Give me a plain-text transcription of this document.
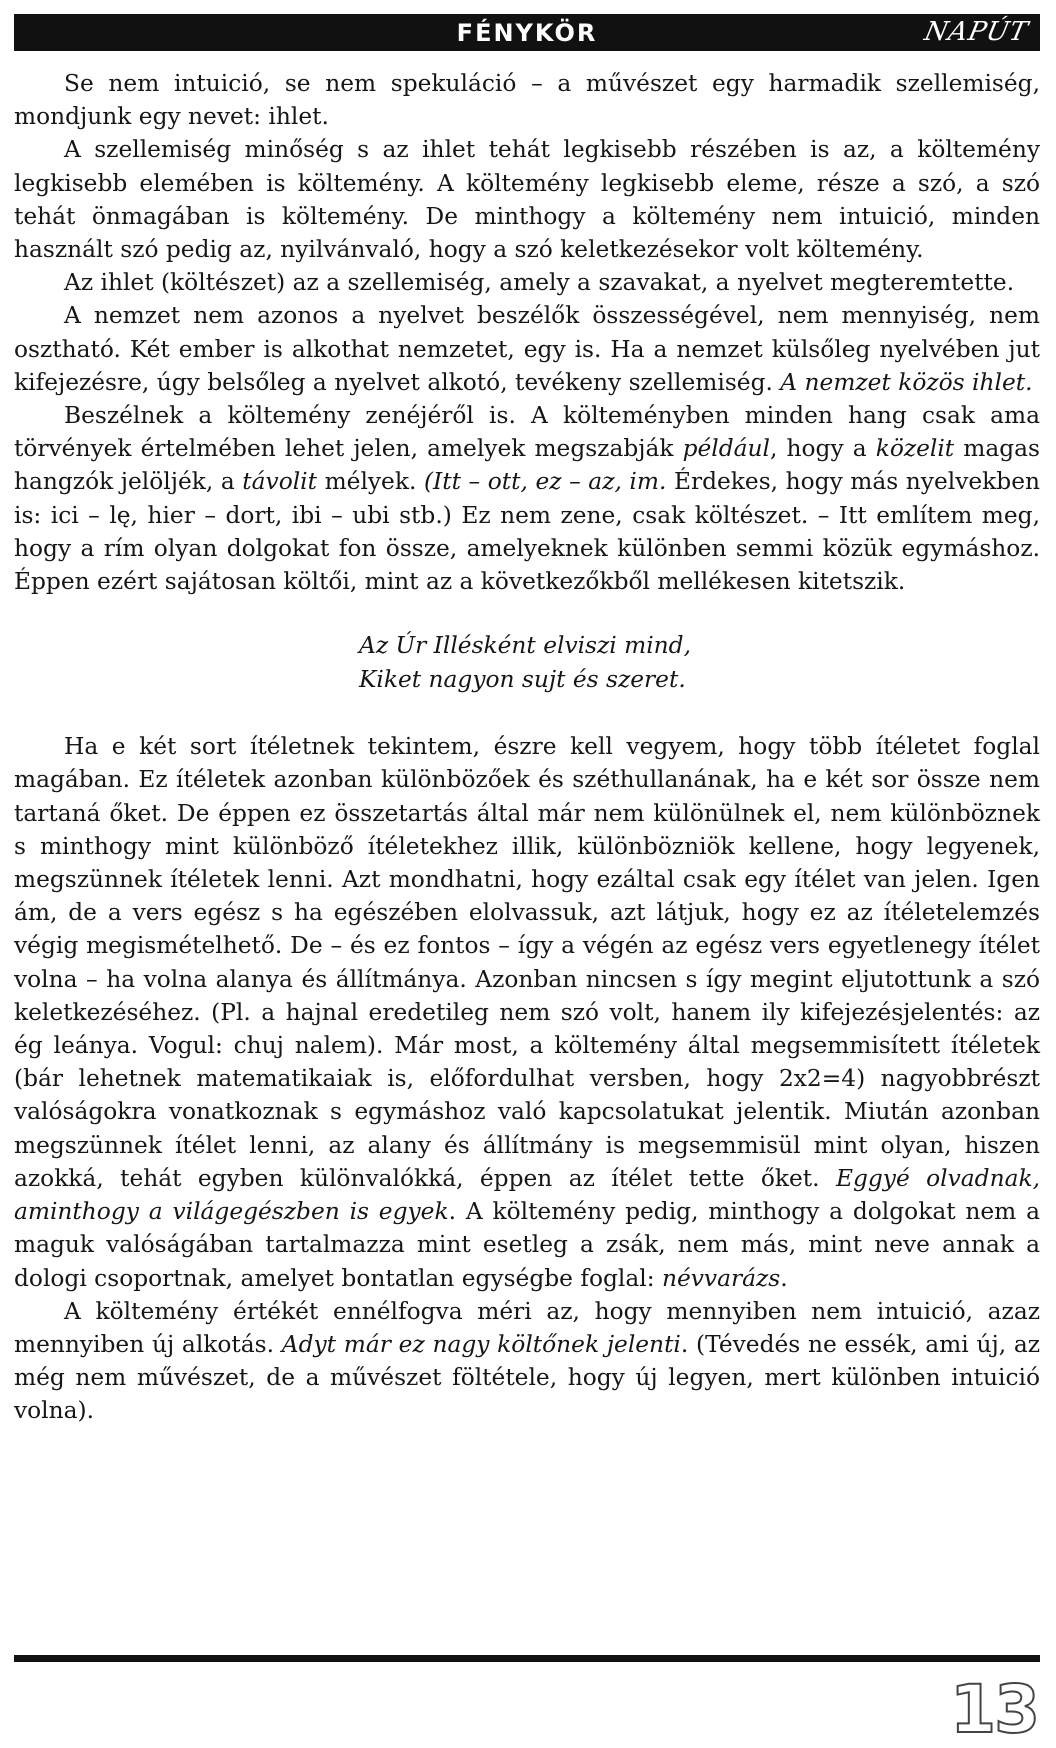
FÉNYKÖR	NAPÚT

Se nem intuició, se nem spekuláció – a művészet egy harmadik szellemiség, mondjunk egy nevet: ihlet.

A szellemiség minőség s az ihlet tehát legkisebb részében is az, a költemény legkisebb elemében is költemény. A költemény legkisebb eleme, része a szó, a szó tehát önmagában is költemény. De minthogy a költemény nem intuició, minden használt szó pedig az, nyilvánvaló, hogy a szó keletkezésekor volt költemény.

Az ihlet (költészet) az a szellemiség, amely a szavakat, a nyelvet megteremtette.

A nemzet nem azonos a nyelvet beszélők összességével, nem mennyiség, nem osztható. Két ember is alkothat nemzetet, egy is. Ha a nemzet külsőleg nyelvében jut kifejezésre, úgy belsőleg a nyelvet alkotó, tevékeny szellemiség. A nemzet közös ihlet.

Beszélnek a költemény zenéjéről is. A költeményben minden hang csak ama törvények értelmében lehet jelen, amelyek megszabják például, hogy a közelit magas hangzók jelöljék, a távolit mélyek. (Itt – ott, ez – az, im. Érdekes, hogy más nyelvekben is: ici – lę, hier – dort, ibi – ubi stb.) Ez nem zene, csak költészet. – Itt említem meg, hogy a rím olyan dolgokat fon össze, amelyeknek különben semmi közük egymáshoz. Éppen ezért sajátosan költői, mint az a következőkből mellékesen kitetszik.

Az Úr Illésként elviszi mind,
Kiket nagyon sujt és szeret.

Ha e két sort ítéletnek tekintem, észre kell vegyem, hogy több ítéletet foglal magában. Ez ítéletek azonban különbözőek és széthullanának, ha e két sor össze nem tartaná őket. De éppen ez összetartás által már nem különülnek el, nem különböznek s minthogy mint különböző ítéletekhez illik, különbözniök kellene, hogy legyenek, megszünnek ítéletek lenni. Azt mondhatni, hogy ezáltal csak egy ítélet van jelen. Igen ám, de a vers egész s ha egészében elolvassuk, azt látjuk, hogy ez az ítéletelemzés végig megismételhető. De – és ez fontos – így a végén az egész vers egyetlenegy ítélet volna – ha volna alanya és állítmánya. Azonban nincsen s így megint eljutottunk a szó keletkezéséhez. (Pl. a hajnal eredetileg nem szó volt, hanem ily kifejezésjelentés: az ég leánya. Vogul: chuj nalem). Már most, a költemény által megsemmisített ítéletek (bár lehetnek matematikaiak is, előfordulhat versben, hogy 2x2=4) nagyobbrészt valóságokra vonatkoznak s egymáshoz való kapcsolatukat jelentik. Miután azonban megszünnek ítélet lenni, az alany és állítmány is megsemmisül mint olyan, hiszen azokká, tehát egyben különvalókká, éppen az ítélet tette őket. Eggyé olvadnak, aminthogy a világegészben is egyek. A költemény pedig, minthogy a dolgokat nem a maguk valóságában tartalmazza mint esetleg a zsák, nem más, mint neve annak a dologi csoportnak, amelyet bontatlan egységbe foglal: névvarázs.

A költemény értékét ennélfogva méri az, hogy mennyiben nem intuició, azaz mennyiben új alkotás. Adyt már ez nagy költőnek jelenti. (Tévedés ne essék, ami új, az még nem művészet, de a művészet föltétele, hogy új legyen, mert különben intuició volna).

13
